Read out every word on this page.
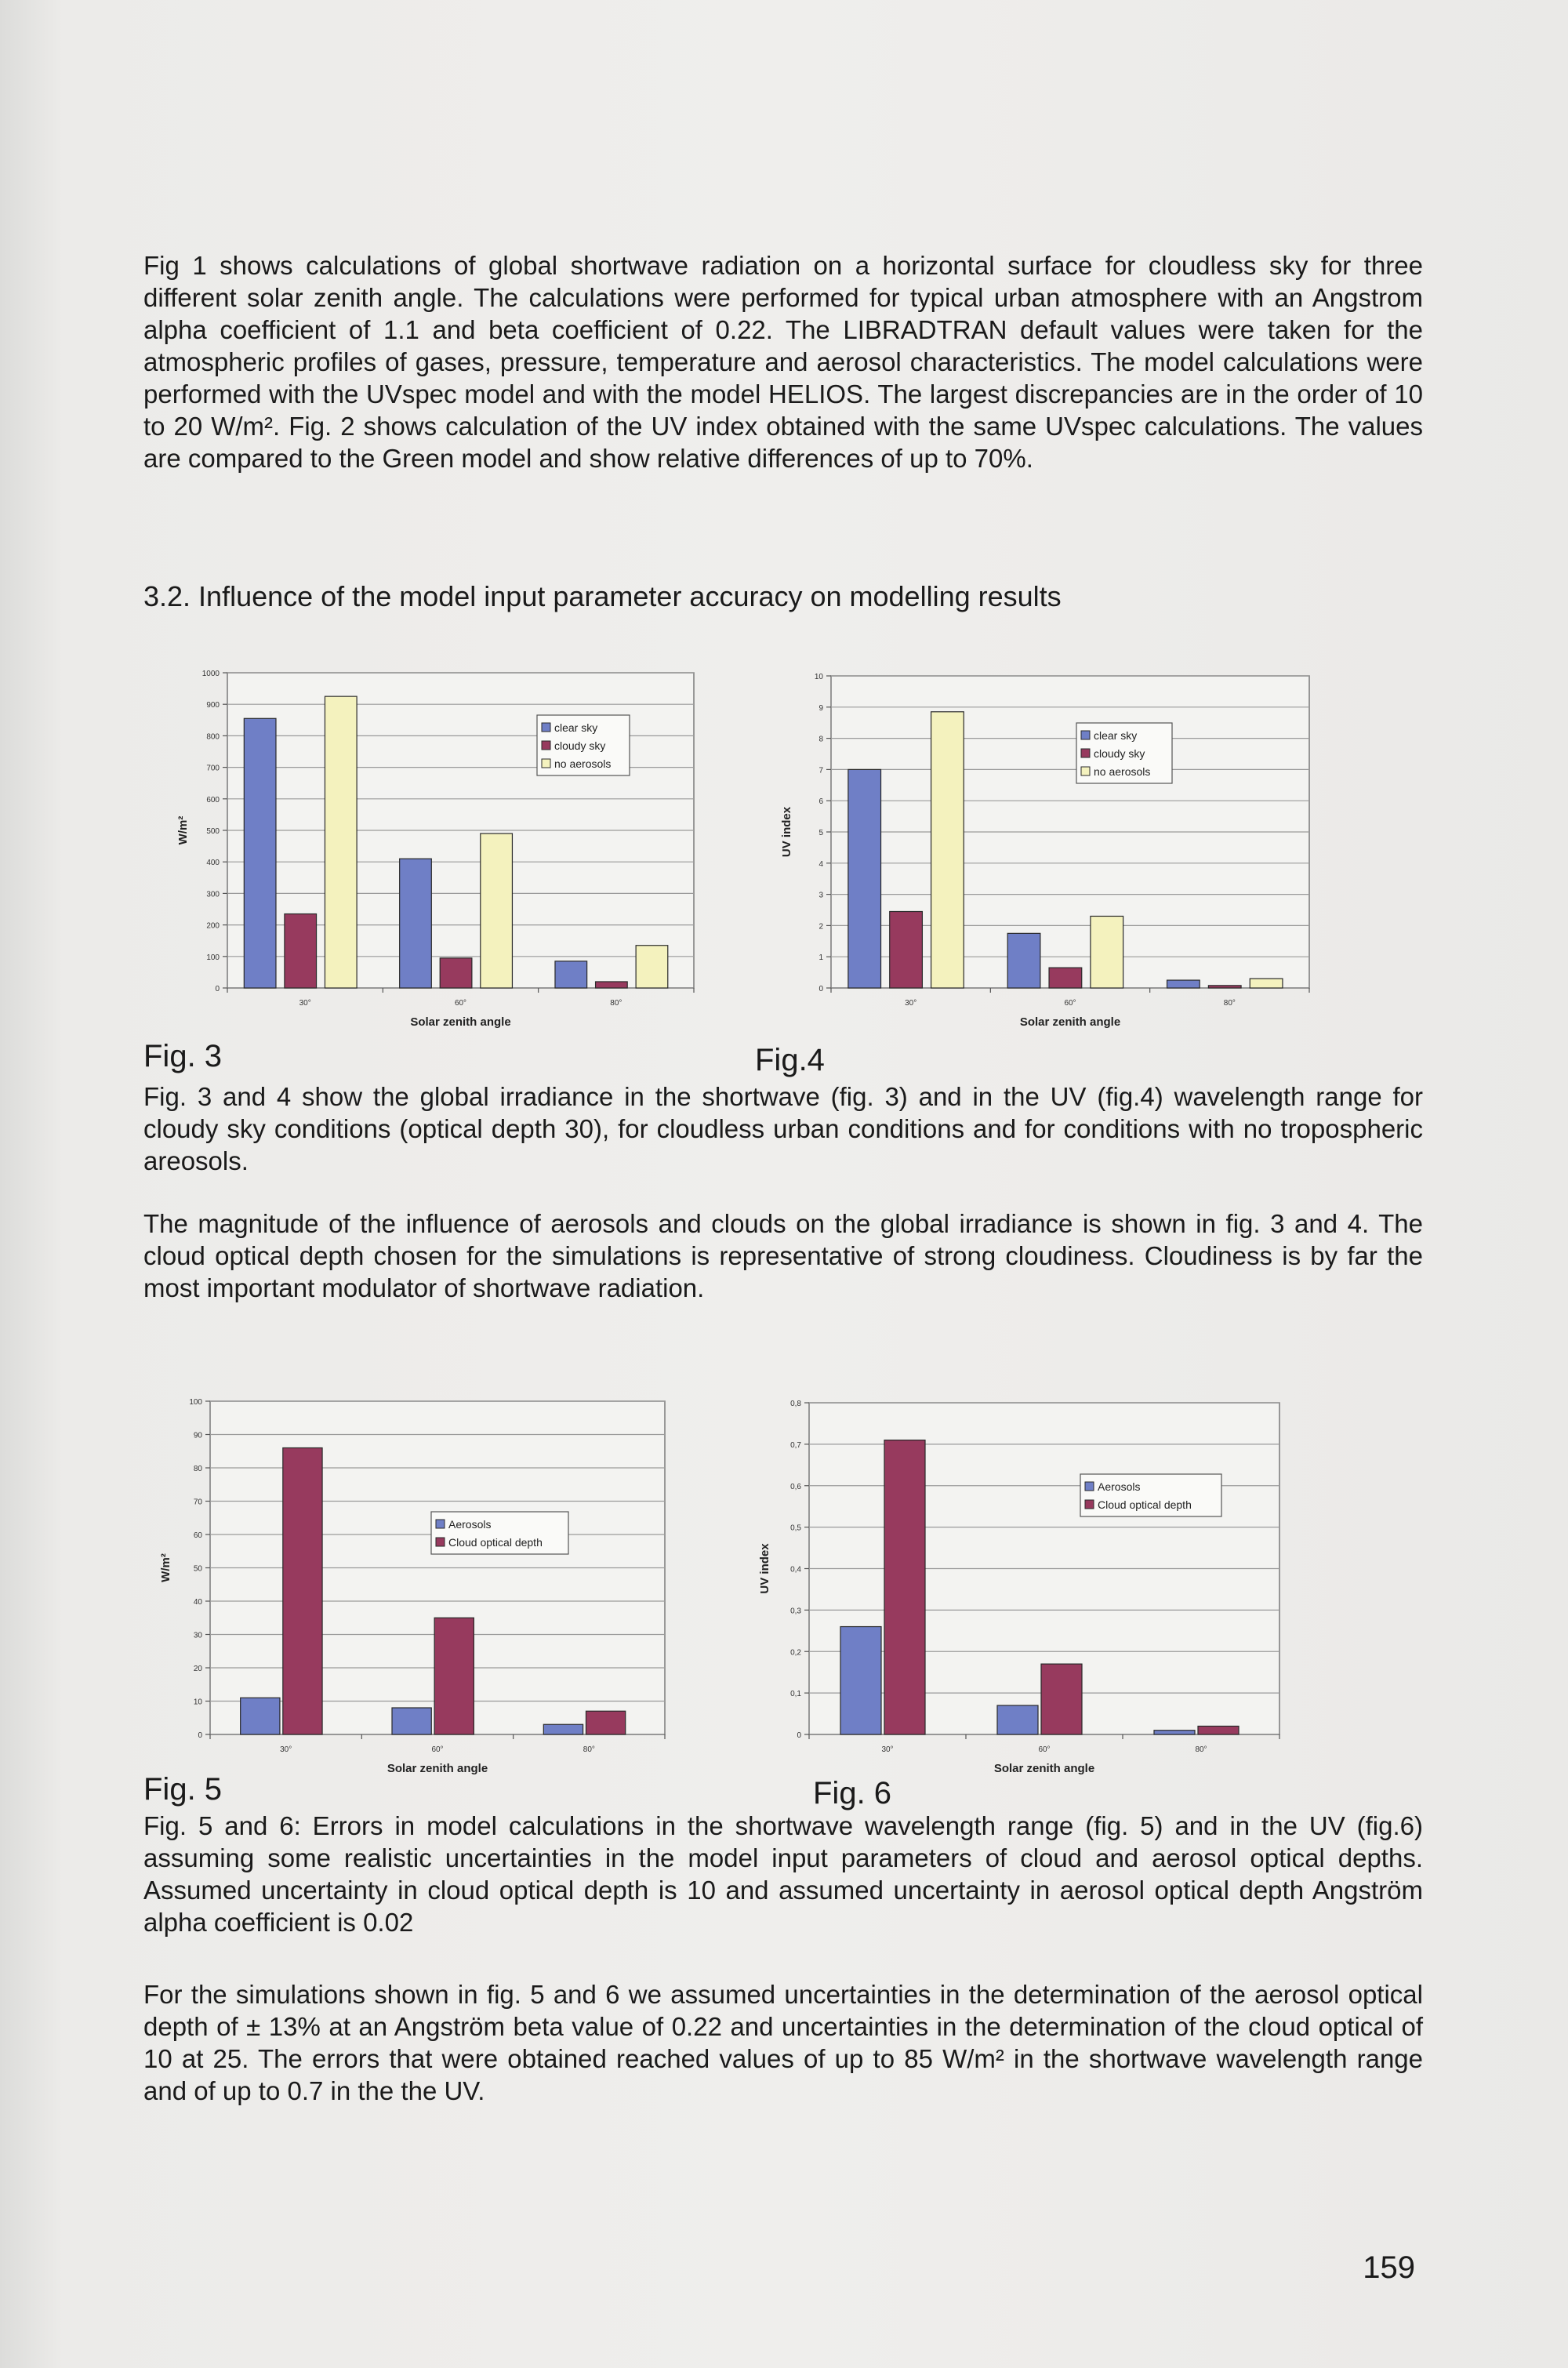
Fig 1 shows calculations of global shortwave radiation on a horizontal surface for cloudless sky for three different solar zenith angle. The calculations were performed for typical urban atmosphere with an Angstrom alpha coefficient of 1.1 and beta coefficient of 0.22. The LIBRADTRAN default values were taken for the atmospheric profiles of gases, pressure, temperature and aerosol characteristics. The model calculations were performed with the UVspec model and with the model HELIOS. The largest discrepancies are in the order of 10 to 20 W/m². Fig. 2 shows calculation of the UV index obtained with the same UVspec calculations. The values are compared to the Green model and show relative differences of up to 70%.

3.2. Influence of the model input parameter accuracy on modelling results
0
100
200
300
400
500
600
700
800
900
1000
30°	60°	80°
Solar zenith angle
W/m²
clear sky
cloudy sky
no aerosols
0
1
2
3
4
5
6
7
8
9
10
30°	60°	80°
Solar zenith angle
UV index
clear sky
cloudy sky
no aerosols
Fig. 3	Fig.4

Fig. 3 and 4 show the global irradiance in the shortwave (fig. 3) and in the UV (fig.4) wavelength range for cloudy sky conditions (optical depth 30), for cloudless urban conditions and for conditions with no tropospheric areosols.

The magnitude of the influence of aerosols and clouds on the global irradiance is shown in fig. 3 and 4. The cloud optical depth chosen for the simulations is representative of strong cloudiness. Cloudiness is by far the most important modulator of shortwave radiation.

0
10
20
30
40
50
60
70
80
90
100
30°	60°	80°
Solar zenith angle
W/m²
Aerosols
Cloud optical depth
0
0,1
0,2
0,3
0,4
0,5
0,6
0,7
0,8
30°	60°	80°
Solar zenith angle
UV index
Aerosols
Cloud optical depth
Fig. 5	Fig. 6

Fig. 5 and 6: Errors in model calculations in the shortwave wavelength range (fig. 5) and in the UV (fig.6) assuming some realistic uncertainties in the model input parameters of cloud and aerosol optical depths. Assumed uncertainty in cloud optical depth is 10 and assumed uncertainty in aerosol optical depth Angström alpha coefficient is 0.02

For the simulations shown in fig. 5 and 6 we assumed uncertainties in the determination of the aerosol optical depth of ± 13% at an Angström beta value of 0.22 and uncertainties in the determination of the cloud optical of 10 at 25. The errors that were obtained reached values of up to 85 W/m² in the shortwave wavelength range and of up to 0.7 in the the UV.

159
